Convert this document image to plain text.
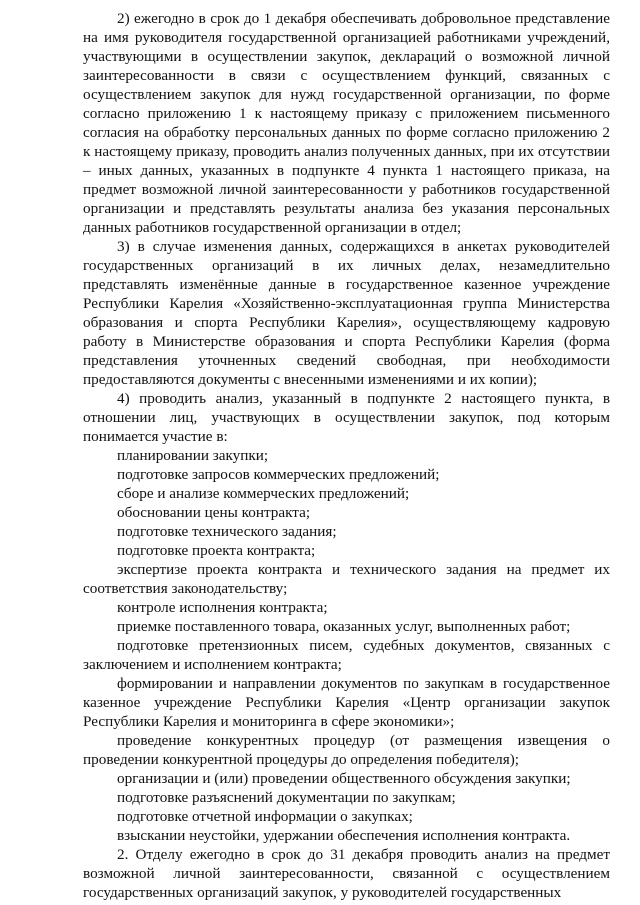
2) ежегодно в срок до 1 декабря обеспечивать добровольное представление на имя руководителя государственной организацией работниками учреждений, участвующими в осуществлении закупок, деклараций о возможной личной заинтересованности в связи с осуществлением функций, связанных с осуществлением закупок для нужд государственной организации, по форме согласно приложению 1 к настоящему приказу с приложением письменного согласия на обработку персональных данных по форме согласно приложению 2 к настоящему приказу, проводить анализ полученных данных, при их отсутствии – иных данных, указанных в подпункте 4 пункта 1 настоящего приказа, на предмет возможной личной заинтересованности у работников государственной организации и представлять результаты анализа без указания персональных данных работников государственной организации в отдел;

3) в случае изменения данных, содержащихся в анкетах руководителей государственных организаций в их личных делах, незамедлительно представлять изменённые данные в государственное казенное учреждение Республики Карелия «Хозяйственно-эксплуатационная группа Министерства образования и спорта Республики Карелия», осуществляющему кадровую работу в Министерстве образования и спорта Республики Карелия (форма представления уточненных сведений свободная, при необходимости предоставляются документы с внесенными изменениями и их копии);

4) проводить анализ, указанный в подпункте 2 настоящего пункта, в отношении лиц, участвующих в осуществлении закупок, под которым понимается участие в:

планировании закупки;

подготовке запросов коммерческих предложений;

сборе и анализе коммерческих предложений;

обосновании цены контракта;

подготовке технического задания;

подготовке проекта контракта;

экспертизе проекта контракта и технического задания на предмет их соответствия законодательству;

контроле исполнения контракта;

приемке поставленного товара, оказанных услуг, выполненных работ;

подготовке претензионных писем, судебных документов, связанных с заключением и исполнением контракта;

формировании и направлении документов по закупкам в государственное казенное учреждение Республики Карелия «Центр организации закупок Республики Карелия и мониторинга в сфере экономики»;

проведение конкурентных процедур (от размещения извещения о проведении конкурентной процедуры до определения победителя);

организации и (или) проведении общественного обсуждения закупки;

подготовке разъяснений документации по закупкам;

подготовке отчетной информации о закупках;

взыскании неустойки, удержании обеспечения исполнения контракта.

2. Отделу ежегодно в срок до 31 декабря проводить анализ на предмет возможной личной заинтересованности, связанной с осуществлением государственных организаций закупок, у руководителей государственных
